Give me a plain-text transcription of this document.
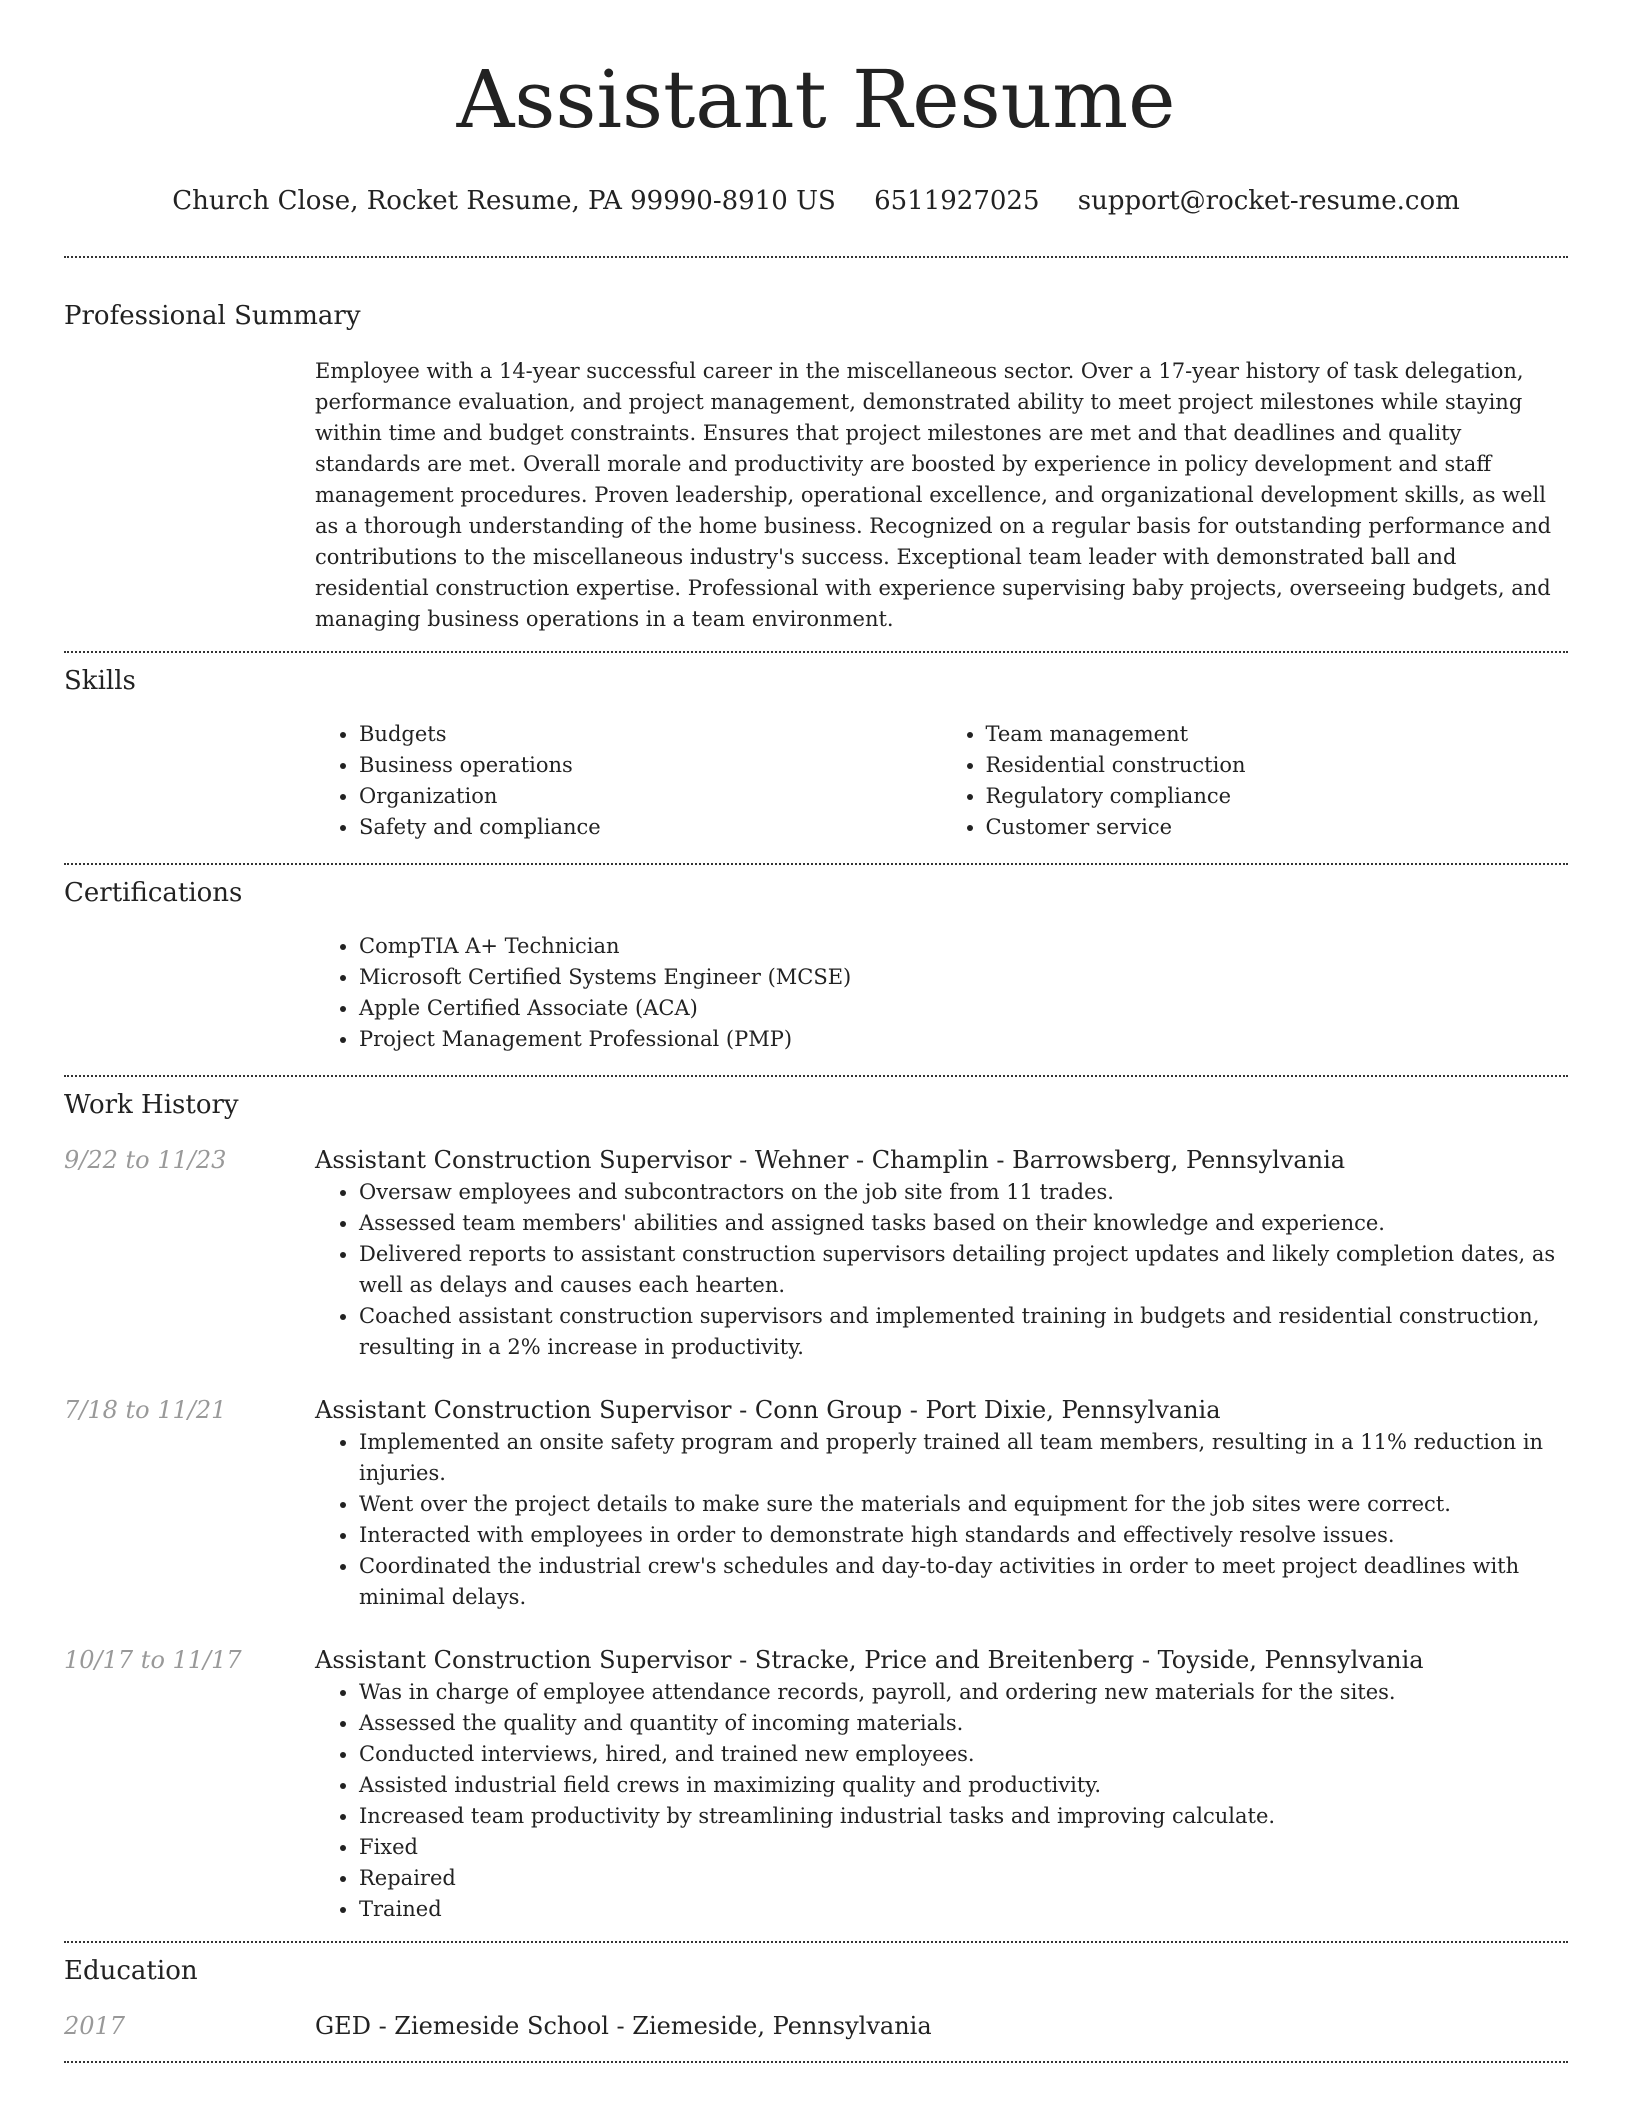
Assistant Resume
Church Close, Rocket Resume, PA 99990-8910 US 6511927025 support@rocket-resume.com
Professional Summary
Employee with a 14-year successful career in the miscellaneous sector. Over a 17-year history of task delegation, performance evaluation, and project management, demonstrated ability to meet project milestones while staying within time and budget constraints. Ensures that project milestones are met and that deadlines and quality standards are met. Overall morale and productivity are boosted by experience in policy development and staff management procedures. Proven leadership, operational excellence, and organizational development skills, as well as a thorough understanding of the home business. Recognized on a regular basis for outstanding performance and contributions to the miscellaneous industry's success. Exceptional team leader with demonstrated ball and residential construction expertise. Professional with experience supervising baby projects, overseeing budgets, and managing business operations in a team environment.
Skills
• Budgets
• Business operations
• Organization
• Safety and compliance
• Team management
• Residential construction
• Regulatory compliance
• Customer service
Certifications
• CompTIA A+ Technician
• Microsoft Certified Systems Engineer (MCSE)
• Apple Certified Associate (ACA)
• Project Management Professional (PMP)
Work History
9/22 to 11/23	Assistant Construction Supervisor - Wehner - Champlin - Barrowsberg, Pennsylvania
• Oversaw employees and subcontractors on the job site from 11 trades.
• Assessed team members' abilities and assigned tasks based on their knowledge and experience.
• Delivered reports to assistant construction supervisors detailing project updates and likely completion dates, as well as delays and causes each hearten.
• Coached assistant construction supervisors and implemented training in budgets and residential construction, resulting in a 2% increase in productivity.
7/18 to 11/21	Assistant Construction Supervisor - Conn Group - Port Dixie, Pennsylvania
• Implemented an onsite safety program and properly trained all team members, resulting in a 11% reduction in injuries.
• Went over the project details to make sure the materials and equipment for the job sites were correct.
• Interacted with employees in order to demonstrate high standards and effectively resolve issues.
• Coordinated the industrial crew's schedules and day-to-day activities in order to meet project deadlines with minimal delays.
10/17 to 11/17	Assistant Construction Supervisor - Stracke, Price and Breitenberg - Toyside, Pennsylvania
• Was in charge of employee attendance records, payroll, and ordering new materials for the sites.
• Assessed the quality and quantity of incoming materials.
• Conducted interviews, hired, and trained new employees.
• Assisted industrial field crews in maximizing quality and productivity.
• Increased team productivity by streamlining industrial tasks and improving calculate.
• Fixed
• Repaired
• Trained
Education
2017	GED - Ziemeside School - Ziemeside, Pennsylvania
